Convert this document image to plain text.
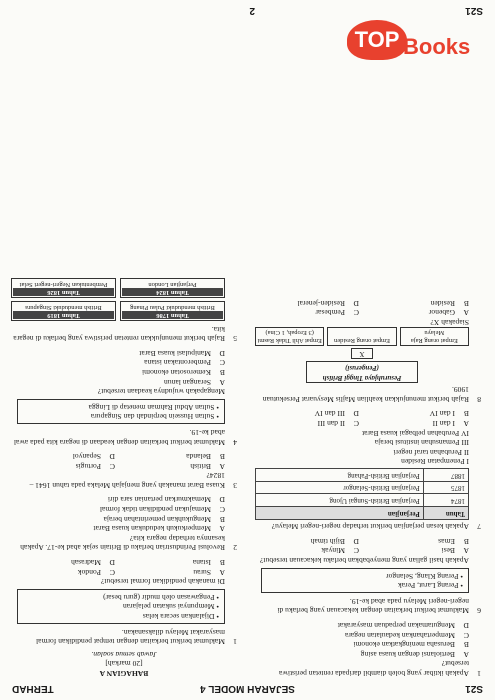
S21
SEJARAH MODEL 4
TERHAD
1
Apakah iktibar yang boleh diambil daripada rentetan peristiwa tersebut?
A
Bertiolansi dengan kuasa asing
B
Berusaha meningkatkan ekonomi
C
Mempertahankan kedaulatan negara
D
Mengutamakan perpaduan masyarakat
6
Maklumat berikut berkaitan dengan kekacauan yang berlaku di negeri-negeri Melayu pada abad ke-19.
• Perang Larut, Perak
• Perang Klang, Selangor
Apakah hasil galian yang menyebabkan berlaku kekacauan tersebut?
A
Besi
C
Minyak
B
Emas
D
Bijih timah
7
Apakah kesan perjanjian berikut terhadap negeri-negeri Melayu?
Tahun	Perjanjian
1874	Perjanjian British-Sungai Ujong
1875	Perjanjian British-Selangor
1887	Perjanjian British-Pahang
I Penempatan Residen
II Perubahan taraf negeri
III Pemansuhan institusi beraja
IV Perubahan pelbagai kuasa Barat
A
I dan II
C
II dan III
B
I dan IV
D
III dan IV
8
Rajah berikut menunjukkan keahlian Majlis Mesyuarat Persekutuan 1909.
Pesuruhjaya Tinggi British (Pengerusi)
X
Empat orang Raja Melayu
Empat orang Residen
Empat Ahli Tidak Rasmi (3 Eropah, 1 Cina)
Siapakah X?
A
Gabenor
C
Pembesar
B
Residen
D
Residen-jeneral
BAHAGIAN A
[20 markah]
Jawab semua soalan.
1
Maklumat berikut berkaitan dengan tempat pendidikan formal masyarakat Melayu dilaksanakan.
• Dijalankan secara kelas
• Mempunyai sukatan pelajaran
• Pengawasan oleh mudir (guru besar)
Di manakah pendidikan formal tersebut?
A
Surau
C
Pondok
B
Istana
D
Madrasah
2
Revolusi Perindustrian berlaku di Britain sejak abad ke-17. Apakah kesannya terhadap negara kita?
A
Memperkukuh kedudukan kuasa Barat
B
Mengukuhkan pemerintahan beraja
C
Memajukan pendidikan tidak formal
D
Memakmurkan pertanian sara diri
3
Kuasa Barat manakah yang menjajah Melaka pada tahun 1641 – 1824?
A
British
C
Portugis
B
Belanda
D
Sepanyol
4
Maklumat berikut berkaitan dengan keadaan di negara kita pada awal abad ke-19.
• Sultan Hussein berpindah dan Singapura
• Sultan Abdul Rahman menetap di Lingga
Mengapakah wujudnya keadaan tersebut?
A
Serangan lanun
B
Kemerosotan ekonomi
C
Pemberontakan istana
D
Manipulasi kuasa Barat
5
Rajah berikut menunjukkan rentetan peristiwa yang berlaku di negara kita.
Tahun 1786
British mendudukī Pulau Pinang
Tahun 1819
British menduduki Singapura
Tahun 1824
Perjanjian London
Tahun 1826
Pembentukan Negeri-negeri Selat
S21
2
TOP Books
